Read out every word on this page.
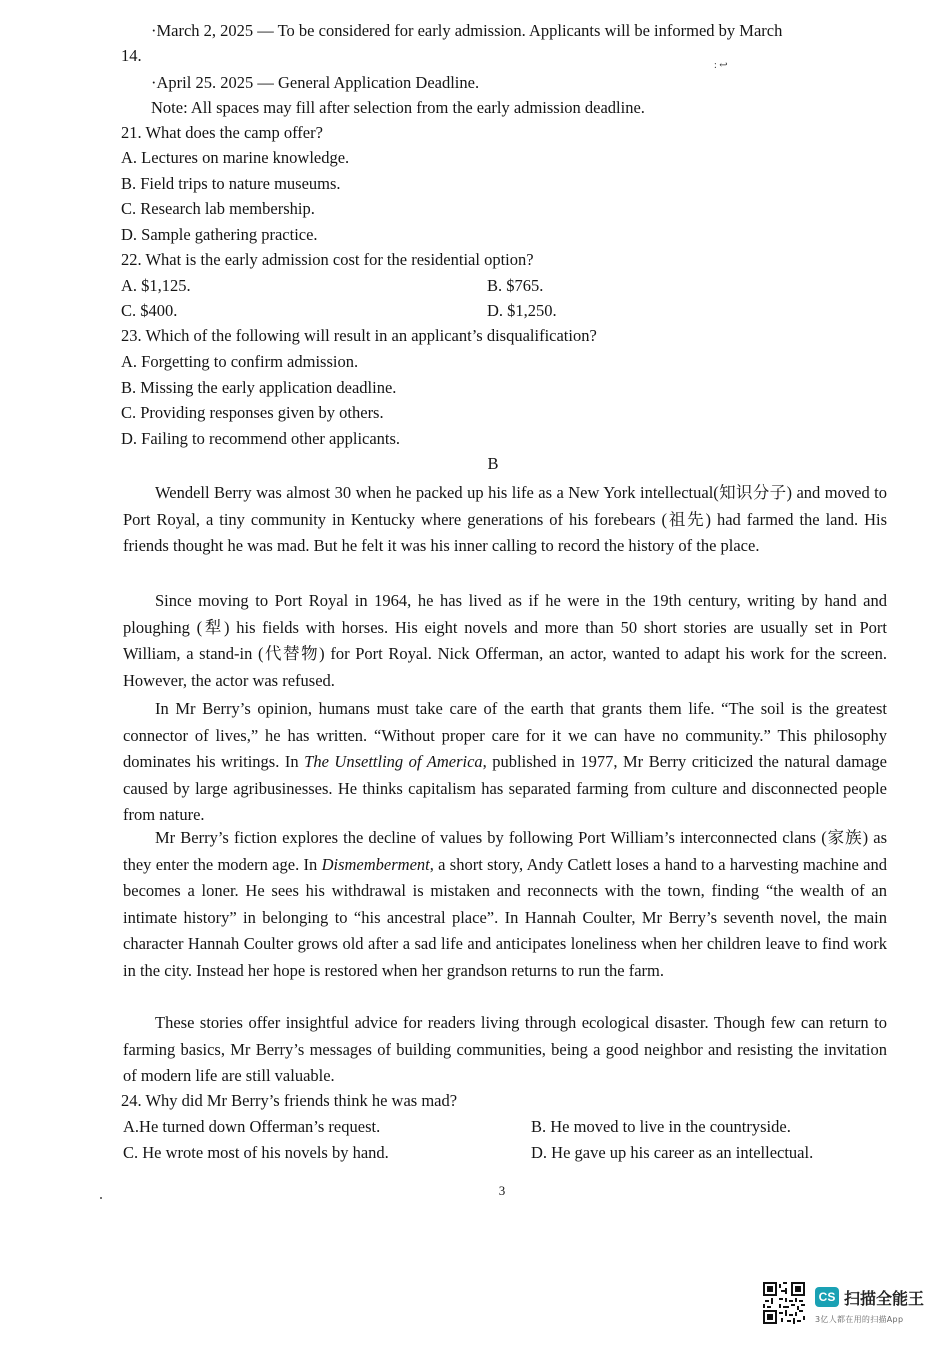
·March 2, 2025 — To be considered for early admission. Applicants will be informed by March
14.
: ↩
·April 25. 2025 — General Application Deadline.
Note: All spaces may fill after selection from the early admission deadline.
21. What does the camp offer?
A. Lectures on marine knowledge.
B. Field trips to nature museums.
C. Research lab membership.
D. Sample gathering practice.
22. What is the early admission cost for the residential option?
A. $1,125.	B. $765.
C. $400.	D. $1,250.
23. Which of the following will result in an applicant’s disqualification?
A. Forgetting to confirm admission.
B. Missing the early application deadline.
C. Providing responses given by others.
D. Failing to recommend other applicants.
B
Wendell Berry was almost 30 when he packed up his life as a New York intellectual(知识分子) and moved to Port Royal, a tiny community in Kentucky where generations of his forebears (祖先) had farmed the land. His friends thought he was mad. But he felt it was his inner calling to record the history of the place.
Since moving to Port Royal in 1964, he has lived as if he were in the 19th century, writing by hand and ploughing (犁) his fields with horses. His eight novels and more than 50 short stories are usually set in Port William, a stand-in (代替物) for Port Royal. Nick Offerman, an actor, wanted to adapt his work for the screen. However, the actor was refused.
In Mr Berry’s opinion, humans must take care of the earth that grants them life. “The soil is the greatest connector of lives,” he has written. “Without proper care for it we can have no community.” This philosophy dominates his writings. In The Unsettling of America, published in 1977, Mr Berry criticized the natural damage caused by large agribusinesses. He thinks capitalism has separated farming from culture and disconnected people from nature.
Mr Berry’s fiction explores the decline of values by following Port William’s interconnected clans (家族) as they enter the modern age. In Dismemberment, a short story, Andy Catlett loses a hand to a harvesting machine and becomes a loner. He sees his withdrawal is mistaken and reconnects with the town, finding “the wealth of an intimate history” in belonging to “his ancestral place”. In Hannah Coulter, Mr Berry’s seventh novel, the main character Hannah Coulter grows old after a sad life and anticipates loneliness when her children leave to find work in the city. Instead her hope is restored when her grandson returns to run the farm.
These stories offer insightful advice for readers living through ecological disaster. Though few can return to farming basics, Mr Berry’s messages of building communities, being a good neighbor and resisting the invitation of modern life are still valuable.
24. Why did Mr Berry’s friends think he was mad?
A.He turned down Offerman’s request.	B. He moved to live in the countryside.
C. He wrote most of his novels by hand.	D. He gave up his career as an intellectual.
3
CS 扫描全能王
3亿人都在用的扫描App
